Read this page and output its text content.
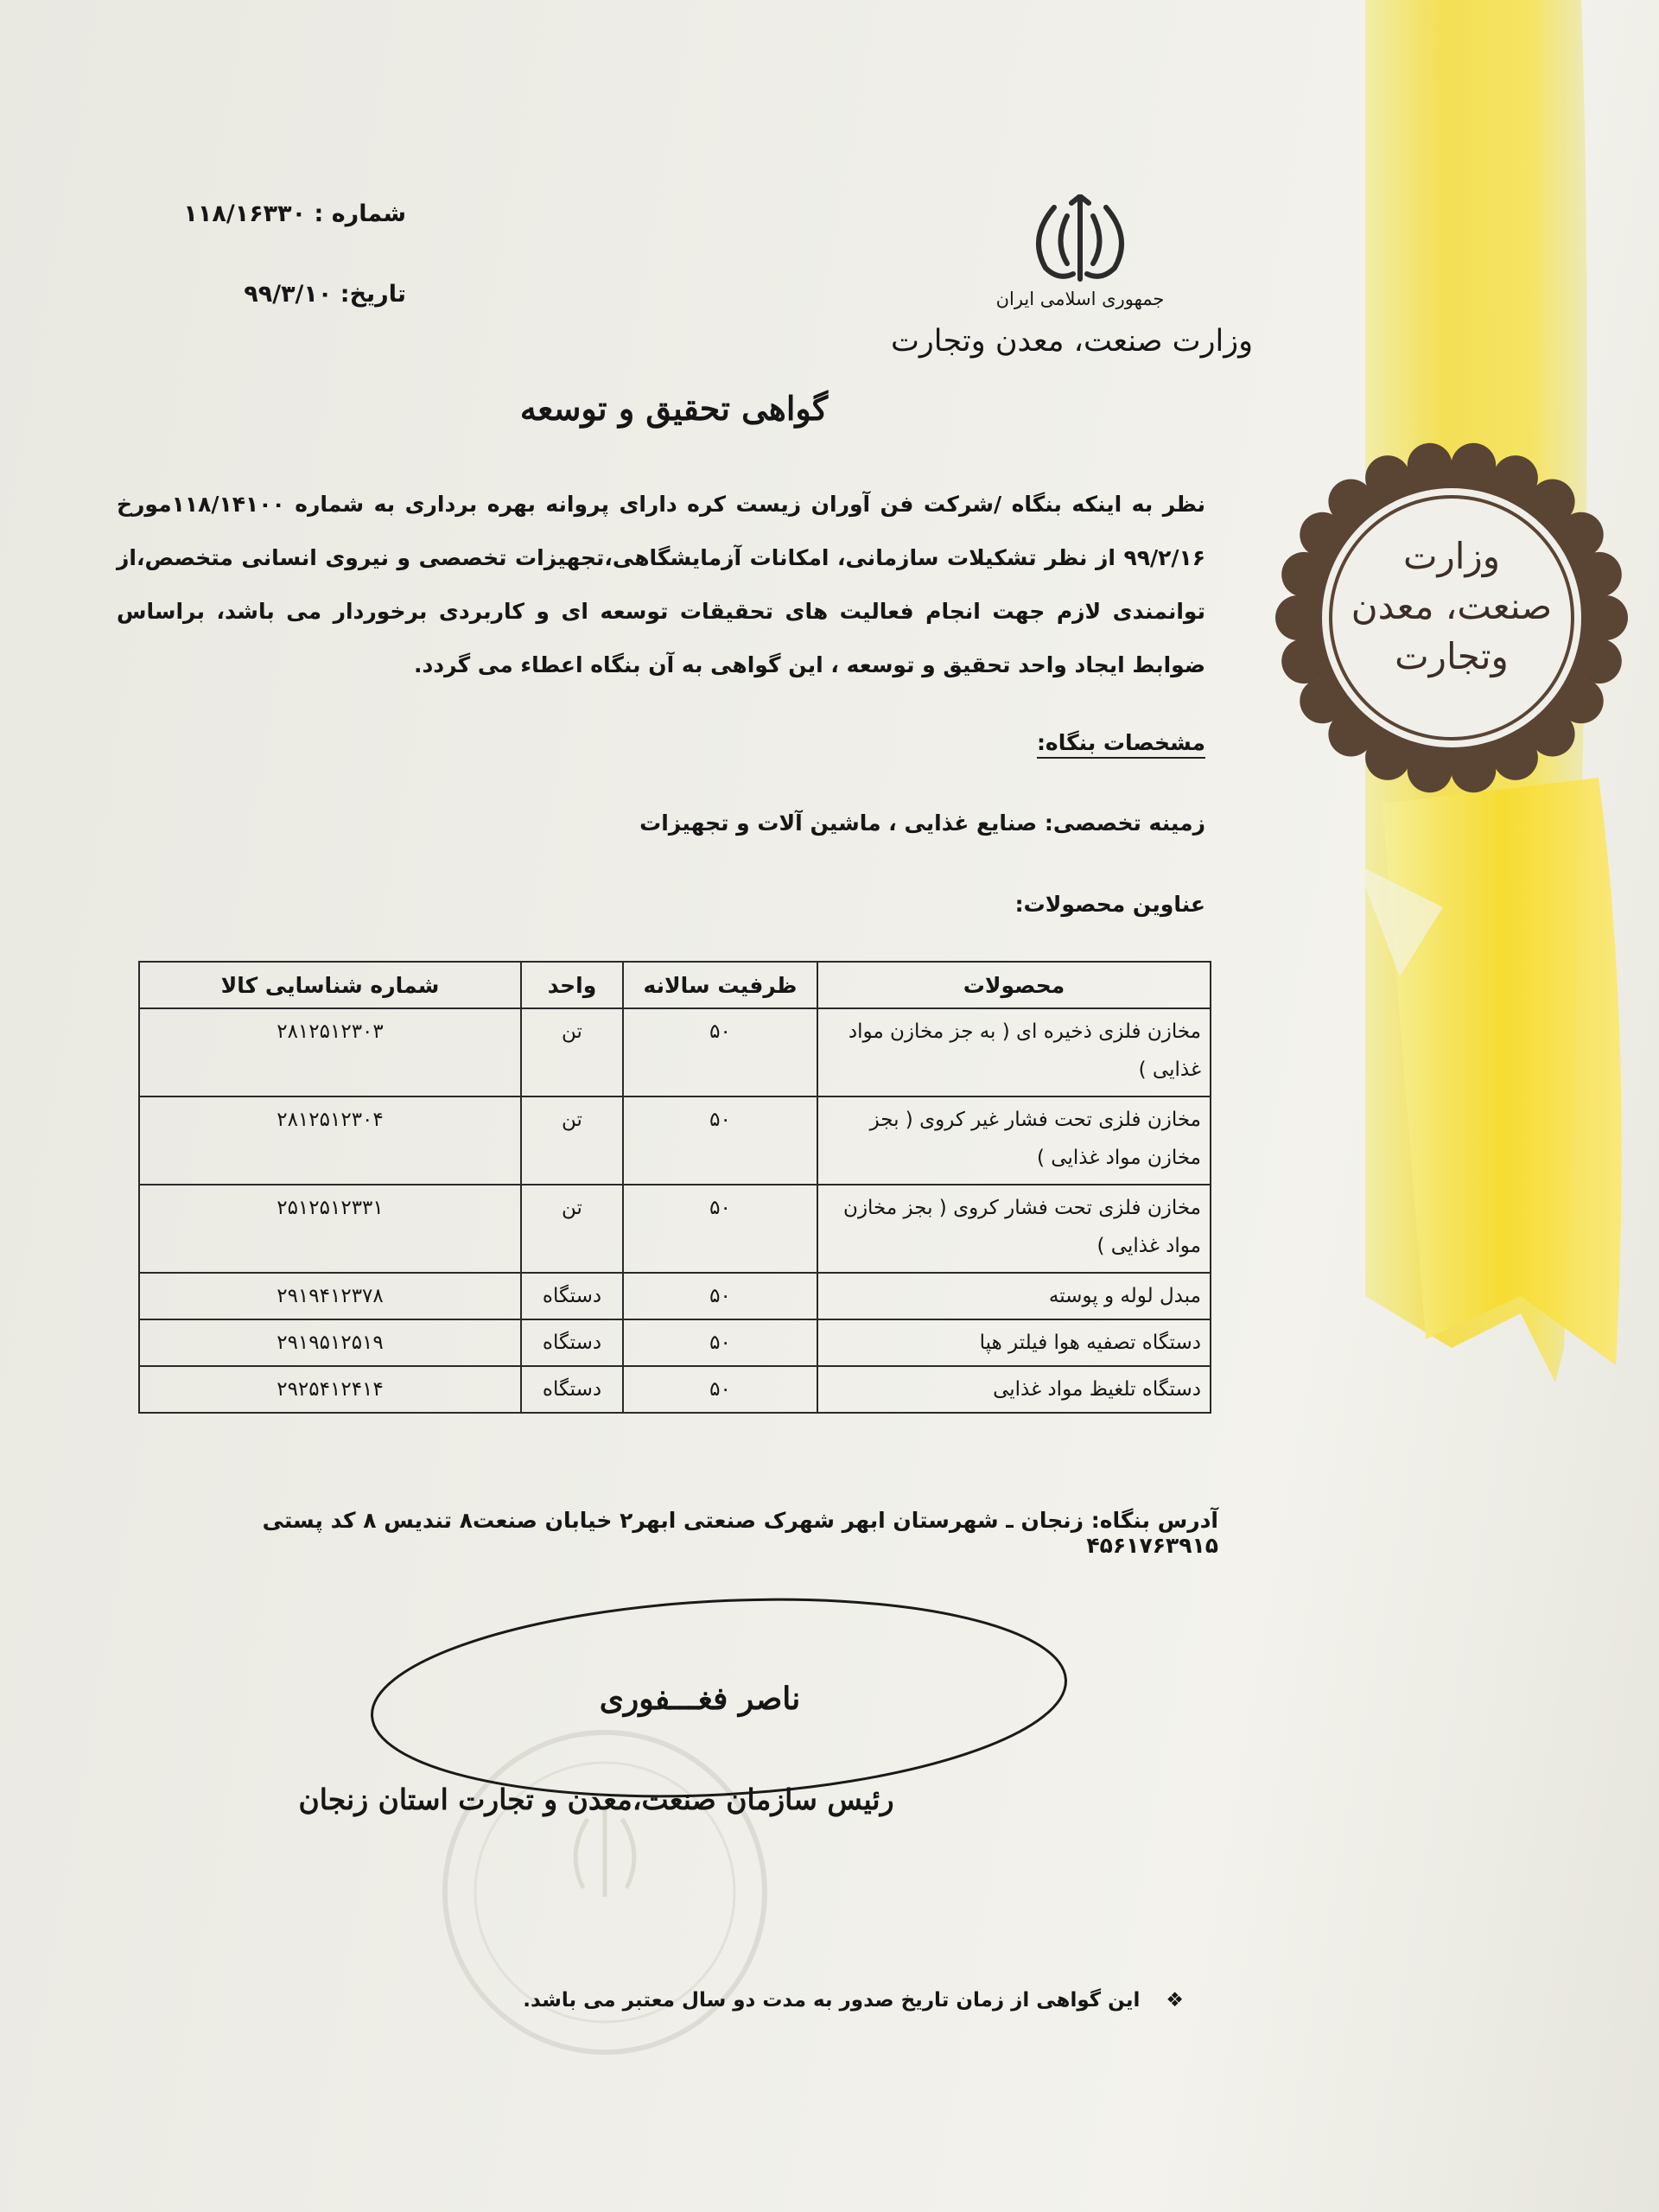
جمهوری اسلامی ایران
وزارت صنعت، معدن وتجارت
شماره : ۱۱۸/۱۶۳۳۰
تاریخ: ۹۹/۳/۱۰
وزارت
صنعت، معدن
وتجارت
گواهی تحقیق و توسعه
نظر به اینکه بنگاه /شرکت فن آوران زیست کره دارای پروانه بهره برداری به شماره ۱۱۸/۱۴۱۰۰مورخ ۹۹/۲/۱۶ از نظر تشکیلات سازمانی، امکانات آزمایشگاهی،تجهیزات تخصصی و نیروی انسانی متخصص،از توانمندی لازم جهت انجام فعالیت های تحقیقات توسعه ای و کاربردی برخوردار می باشد، براساس ضوابط ایجاد واحد تحقیق و توسعه ، این گواهی به آن بنگاه اعطاء می گردد.
مشخصات بنگاه:
زمینه تخصصی: صنایع غذایی ، ماشین آلات و تجهیزات
عناوین محصولات:
محصولات	ظرفیت سالانه	واحد	شماره شناسایی کالا
مخازن فلزی ذخیره ای ( به جز مخازن مواد غذایی )	۵۰	تن	۲۸۱۲۵۱۲۳۰۳
مخازن فلزی تحت فشار غیر کروی ( بجز مخازن مواد غذایی )	۵۰	تن	۲۸۱۲۵۱۲۳۰۴
مخازن فلزی تحت فشار کروی ( بجز مخازن مواد غذایی )	۵۰	تن	۲۵۱۲۵۱۲۳۳۱
مبدل لوله و پوسته	۵۰	دستگاه	۲۹۱۹۴۱۲۳۷۸
دستگاه تصفیه هوا فیلتر هپا	۵۰	دستگاه	۲۹۱۹۵۱۲۵۱۹
دستگاه تلغیظ مواد غذایی	۵۰	دستگاه	۲۹۲۵۴۱۲۴۱۴
آدرس بنگاه: زنجان ـ شهرستان ابهر شهرک صنعتی ابهر۲ خیابان صنعت۸ تندیس ۸ کد پستی ۴۵۶۱۷۶۳۹۱۵
ناصر فغـــفوری
رئیس سازمان صنعت،معدن و تجارت استان زنجان
❖ این گواهی از زمان تاریخ صدور به مدت دو سال معتبر می باشد.
